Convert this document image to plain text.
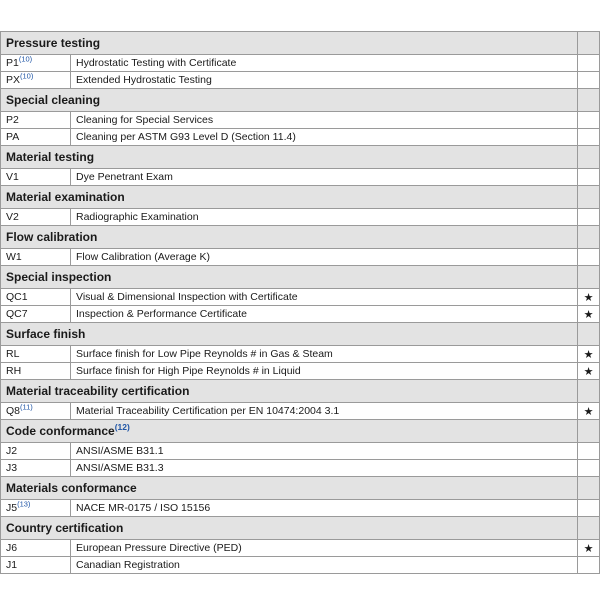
Pressure testing		
P1$^{(10)}$	Hydrostatic Testing with Certificate	
PX$^{(10)}$	Extended Hydrostatic Testing	
Special cleaning		
P2	Cleaning for Special Services	
PA	Cleaning per ASTM G93 Level D (Section 11.4)	
Material testing		
V1	Dye Penetrant Exam	
Material examination		
V2	Radiographic Examination	
Flow calibration		
W1	Flow Calibration (Average K)	
Special inspection		
QC1	Visual & Dimensional Inspection with Certificate	★
QC7	Inspection & Performance Certificate	★
Surface finish		
RL	Surface finish for Low Pipe Reynolds # in Gas & Steam	★
RH	Surface finish for High Pipe Reynolds # in Liquid	★
Material traceability certification		
Q8$^{(11)}$	Material Traceability Certification per EN 10474:2004 3.1	★
Code conformance$^{(12)}$	
J2	ANSI/ASME B31.1	
J3	ANSI/ASME B31.3	
Materials conformance		
J5$^{(13)}$	NACE MR-0175 / ISO 15156	
Country certification		
J6	European Pressure Directive (PED)	★
J1	Canadian Registration	
